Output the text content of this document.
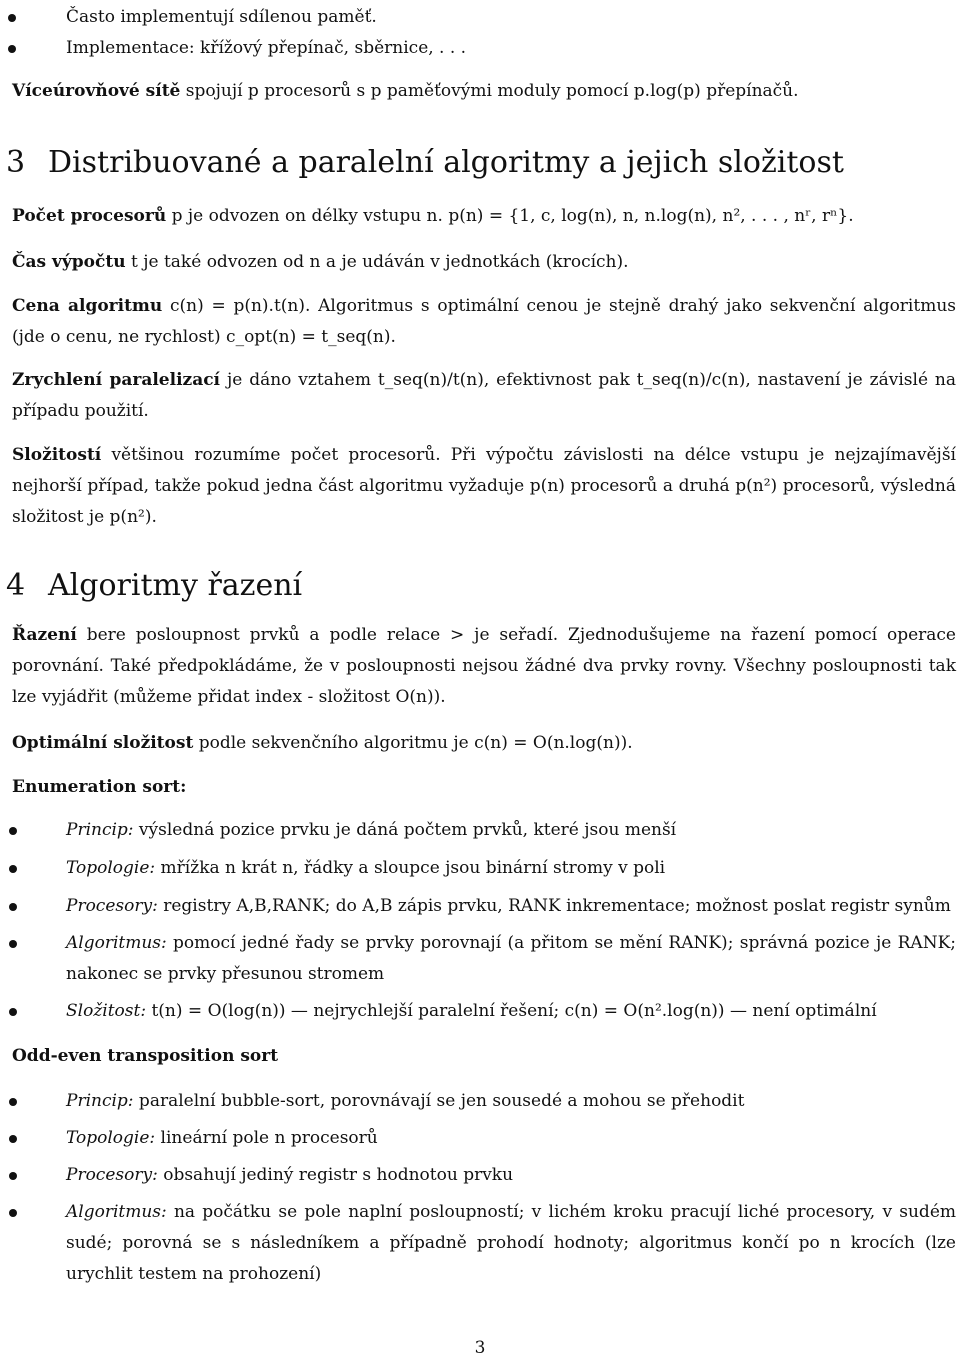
Často implementují sdílenou paměť.
Implementace: křížový přepínač, sběrnice, . . .
Víceúrovňové sítě spojují p procesorů s p paměťovými moduly pomocí p.log(p) přepínačů.
3 Distribuované a paralelní algoritmy a jejich složitost
Počet procesorů p je odvozen on délky vstupu n. p(n) = {1, c, log(n), n, n.log(n), n², . . . , nʳ, rⁿ}.
Čas výpočtu t je také odvozen od n a je udáván v jednotkách (krocích).
Cena algoritmu c(n) = p(n).t(n). Algoritmus s optimální cenou je stejně drahý jako sekvenční algoritmus (jde o cenu, ne rychlost) c_opt(n) = t_seq(n).
Zrychlení paralelizací je dáno vztahem t_seq(n)/t(n), efektivnost pak t_seq(n)/c(n), nastavení je závislé na případu použití.
Složitostí většinou rozumíme počet procesorů. Při výpočtu závislosti na délce vstupu je nejzajímavější nejhorší případ, takže pokud jedna část algoritmu vyžaduje p(n) procesorů a druhá p(n²) procesorů, výsledná složitost je p(n²).
4 Algoritmy řazení
Řazení bere posloupnost prvků a podle relace > je seřadí. Zjednodušujeme na řazení pomocí operace porovnání. Také předpokládáme, že v posloupnosti nejsou žádné dva prvky rovny. Všechny posloupnosti tak lze vyjádřit (můžeme přidat index - složitost O(n)).
Optimální složitost podle sekvenčního algoritmu je c(n) = O(n.log(n)).
Enumeration sort:
Princip: výsledná pozice prvku je dáná počtem prvků, které jsou menší
Topologie: mřížka n krát n, řádky a sloupce jsou binární stromy v poli
Procesory: registry A,B,RANK; do A,B zápis prvku, RANK inkrementace; možnost poslat registr synům
Algoritmus: pomocí jedné řady se prvky porovnají (a přitom se mění RANK); správná pozice je RANK; nakonec se prvky přesunou stromem
Složitost: t(n) = O(log(n)) — nejrychlejší paralelní řešení; c(n) = O(n².log(n)) — není optimální
Odd-even transposition sort
Princip: paralelní bubble-sort, porovnávají se jen sousedé a mohou se přehodit
Topologie: lineární pole n procesorů
Procesory: obsahují jediný registr s hodnotou prvku
Algoritmus: na počátku se pole naplní posloupností; v lichém kroku pracují liché procesory, v sudém sudé; porovná se s následníkem a případně prohodí hodnoty; algoritmus končí po n krocích (lze urychlit testem na prohození)
3
